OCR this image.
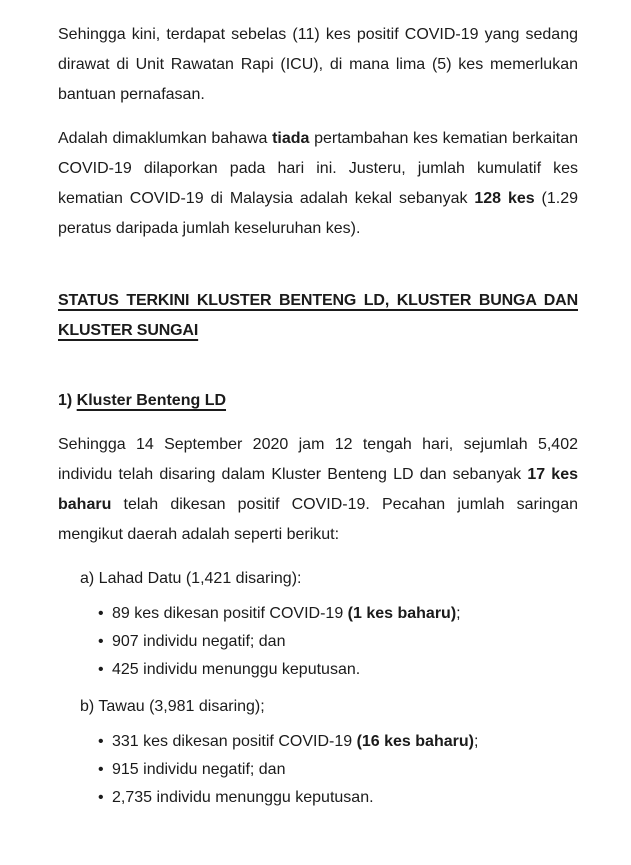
Sehingga kini, terdapat sebelas (11) kes positif COVID-19 yang sedang dirawat di Unit Rawatan Rapi (ICU), di mana lima (5) kes memerlukan bantuan pernafasan.

Adalah dimaklumkan bahawa tiada pertambahan kes kematian berkaitan COVID-19 dilaporkan pada hari ini. Justeru, jumlah kumulatif kes kematian COVID-19 di Malaysia adalah kekal sebanyak 128 kes (1.29 peratus daripada jumlah keseluruhan kes).

STATUS TERKINI KLUSTER BENTENG LD, KLUSTER BUNGA DAN KLUSTER SUNGAI

1) Kluster Benteng LD

Sehingga 14 September 2020 jam 12 tengah hari, sejumlah 5,402 individu telah disaring dalam Kluster Benteng LD dan sebanyak 17 kes baharu telah dikesan positif COVID-19. Pecahan jumlah saringan mengikut daerah adalah seperti berikut:

a) Lahad Datu (1,421 disaring):

• 89 kes dikesan positif COVID-19 (1 kes baharu);
• 907 individu negatif; dan
• 425 individu menunggu keputusan.

b) Tawau (3,981 disaring);

• 331 kes dikesan positif COVID-19 (16 kes baharu);
• 915 individu negatif; dan
• 2,735 individu menunggu keputusan.
